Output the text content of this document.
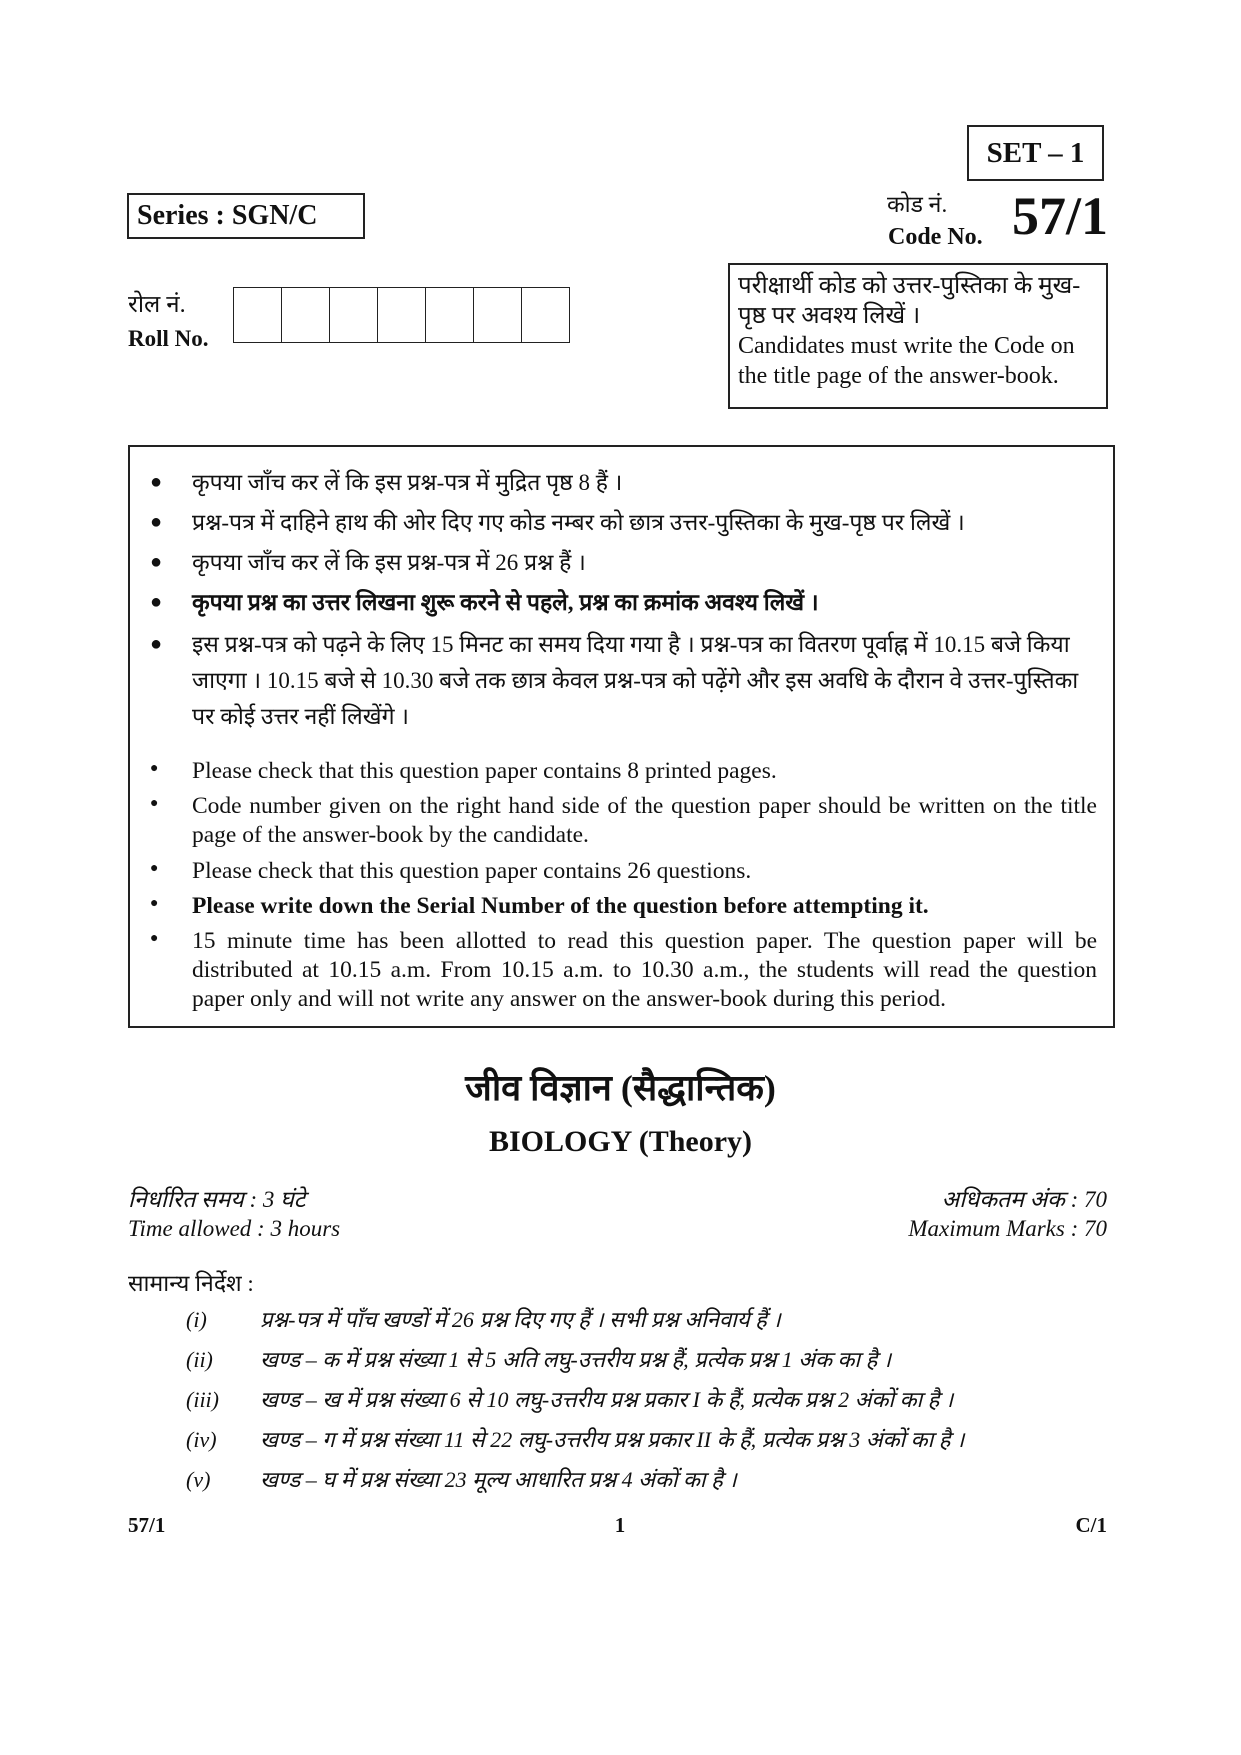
SET – 1
Series : SGN/C	कोड नं.
Code No. 57/1
रोल नं.
Roll No.
परीक्षार्थी कोड को उत्तर-पुस्तिका के मुख-
पृष्ठ पर अवश्य लिखें ।
Candidates must write the Code on
the title page of the answer-book.
● कृपया जाँच कर लें कि इस प्रश्न-पत्र में मुद्रित पृष्ठ 8 हैं ।
● प्रश्न-पत्र में दाहिने हाथ की ओर दिए गए कोड नम्बर को छात्र उत्तर-पुस्तिका के मुख-पृष्ठ पर लिखें ।
● कृपया जाँच कर लें कि इस प्रश्न-पत्र में 26 प्रश्न हैं ।
● कृपया प्रश्न का उत्तर लिखना शुरू करने से पहले, प्रश्न का क्रमांक अवश्य लिखें ।
● इस प्रश्न-पत्र को पढ़ने के लिए 15 मिनट का समय दिया गया है । प्रश्न-पत्र का वितरण पूर्वाह्न में 10.15 बजे किया जाएगा । 10.15 बजे से 10.30 बजे तक छात्र केवल प्रश्न-पत्र को पढ़ेंगे और इस अवधि के दौरान वे उत्तर-पुस्तिका पर कोई उत्तर नहीं लिखेंगे ।
● Please check that this question paper contains 8 printed pages.
● Code number given on the right hand side of the question paper should be written on the title page of the answer-book by the candidate.
● Please check that this question paper contains 26 questions.
● Please write down the Serial Number of the question before attempting it.
● 15 minute time has been allotted to read this question paper. The question paper will be distributed at 10.15 a.m. From 10.15 a.m. to 10.30 a.m., the students will read the question paper only and will not write any answer on the answer-book during this period.
जीव विज्ञान (सैद्धान्तिक)
BIOLOGY (Theory)
निर्धारित समय : 3 घंटे
Time allowed : 3 hours
अधिकतम अंक : 70
Maximum Marks : 70
सामान्य निर्देश :
(i) प्रश्न-पत्र में पाँच खण्डों में 26 प्रश्न दिए गए हैं । सभी प्रश्न अनिवार्य हैं ।
(ii) खण्ड – क में प्रश्न संख्या 1 से 5 अति लघु-उत्तरीय प्रश्न हैं, प्रत्येक प्रश्न 1 अंक का है ।
(iii) खण्ड – ख में प्रश्न संख्या 6 से 10 लघु-उत्तरीय प्रश्न प्रकार I के हैं, प्रत्येक प्रश्न 2 अंकों का है ।
(iv) खण्ड – ग में प्रश्न संख्या 11 से 22 लघु-उत्तरीय प्रश्न प्रकार II के हैं, प्रत्येक प्रश्न 3 अंकों का है ।
(v) खण्ड – घ में प्रश्न संख्या 23 मूल्य आधारित प्रश्न 4 अंकों का है ।
57/1	1	C/1
